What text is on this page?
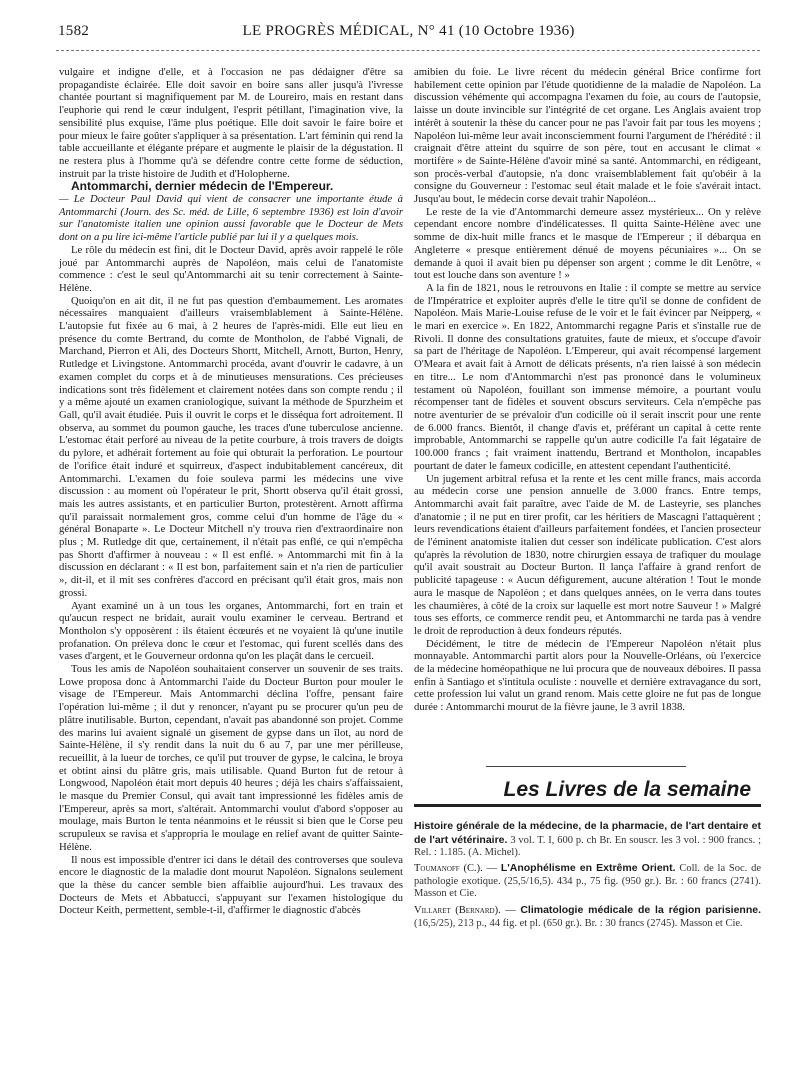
1582	LE PROGRÈS MÉDICAL, N° 41 (10 Octobre 1936)

vulgaire et indigne d'elle, et à l'occasion ne pas dédaigner d'être sa propagandiste éclairée. Elle doit savoir en boire sans aller jusqu'à l'ivresse chantée pourtant si magnifiquement par M. de Loureiro, mais en restant dans l'euphorie qui rend le cœur indulgent, l'esprit pétillant, l'imagination vive, la sensibilité plus exquise, l'âme plus poétique. Elle doit savoir le faire boire et pour mieux le faire goûter s'appliquer à sa présentation. L'art féminin qui rend la table accueillante et élégante prépare et augmente le plaisir de la dégustation. Il ne restera plus à l'homme qu'à se défendre contre cette forme de séduction, instruit par la triste histoire de Judith et d'Holopherne.

Antommarchi, dernier médecin de l'Empereur.

— Le Docteur Paul David qui vient de consacrer une importante étude à Antommarchi (Journ. des Sc. méd. de Lille, 6 septembre 1936) est loin d'avoir sur l'anatomiste italien une opinion aussi favorable que le Docteur de Mets dont on a pu lire ici-même l'article publié par lui il y a quelques mois.

Le rôle du médecin est fini, dit le Docteur David, après avoir rappelé le rôle joué par Antommarchi auprès de Napoléon, mais celui de l'anatomiste commence : c'est le seul qu'Antommarchi ait su tenir correctement à Sainte-Hélène.

Quoiqu'on en ait dit, il ne fut pas question d'embaumement. Les aromates nécessaires manquaient d'ailleurs vraisemblablement à Sainte-Hélène. L'autopsie fut fixée au 6 mai, à 2 heures de l'après-midi. Elle eut lieu en présence du comte Bertrand, du comte de Montholon, de l'abbé Vignali, de Marchand, Pierron et Ali, des Docteurs Shortt, Mitchell, Arnott, Burton, Henry, Rutledge et Livingstone. Antommarchi procéda, avant d'ouvrir le cadavre, à un examen complet du corps et à de minutieuses mensurations. Ces précieuses indications sont très fidèlement et clairement notées dans son compte rendu ; il y a même ajouté un examen craniologique, suivant la méthode de Spurzheim et Gall, qu'il avait étudiée. Puis il ouvrit le corps et le disséqua fort adroitement. Il observa, au sommet du poumon gauche, les traces d'une tuberculose ancienne. L'estomac était perforé au niveau de la petite courbure, à trois travers de doigts du pylore, et adhérait fortement au foie qui obturait la perforation. Le pourtour de l'orifice était induré et squirreux, d'aspect indubitablement cancéreux, dit Antommarchi. L'examen du foie souleva parmi les médecins une vive discussion : au moment où l'opérateur le prit, Shortt observa qu'il était grossi, mais les autres assistants, et en particulier Burton, protestèrent. Arnott affirma qu'il paraissait normalement gros, comme celui d'un homme de l'âge du « général Bonaparte ». Le Docteur Mitchell n'y trouva rien d'extraordinaire non plus ; M. Rutledge dit que, certainement, il n'était pas enflé, ce qui n'empêcha pas Shortt d'affirmer à nouveau : « Il est enflé. » Antommarchi mit fin à la discussion en déclarant : « Il est bon, parfaitement sain et n'a rien de particulier », dit-il, et il mit ses confrères d'accord en précisant qu'il était gros, mais non grossi.

Ayant examiné un à un tous les organes, Antommarchi, fort en train et qu'aucun respect ne bridait, aurait voulu examiner le cerveau. Bertrand et Montholon s'y opposèrent : ils étaient écœurés et ne voyaient là qu'une inutile profanation. On préleva donc le cœur et l'estomac, qui furent scellés dans des vases d'argent, et le Gouverneur ordonna qu'on les plaçât dans le cercueil.

Tous les amis de Napoléon souhaitaient conserver un souvenir de ses traits. Lowe proposa donc à Antommarchi l'aide du Docteur Burton pour mouler le visage de l'Empereur. Mais Antommarchi déclina l'offre, pensant faire l'opération lui-même ; il dut y renoncer, n'ayant pu se procurer qu'un peu de plâtre inutilisable. Burton, cependant, n'avait pas abandonné son projet. Comme des marins lui avaient signalé un gisement de gypse dans un îlot, au nord de Sainte-Hélène, il s'y rendit dans la nuit du 6 au 7, par une mer périlleuse, recueillit, à la lueur de torches, ce qu'il put trouver de gypse, le calcina, le broya et obtint ainsi du plâtre gris, mais utilisable. Quand Burton fut de retour à Longwood, Napoléon était mort depuis 40 heures ; déjà les chairs s'affaissaient, le masque du Premier Consul, qui avait tant impressionné les fidèles amis de l'Empereur, après sa mort, s'altérait. Antommarchi voulut d'abord s'opposer au moulage, mais Burton le tenta néanmoins et le réussit si bien que le Corse peu scrupuleux se ravisa et s'appropria le moulage en relief avant de quitter Sainte-Hélène.

Il nous est impossible d'entrer ici dans le détail des controverses que souleva encore le diagnostic de la maladie dont mourut Napoléon. Signalons seulement que la thèse du cancer semble bien affaiblie aujourd'hui. Les travaux des Docteurs de Mets et Abbatucci, s'appuyant sur l'examen histologique du Docteur Keith, permettent, semble-t-il, d'affirmer le diagnostic d'abcès

amibien du foie. Le livre récent du médecin général Brice confirme fort habilement cette opinion par l'étude quotidienne de la maladie de Napoléon. La discussion véhémente qui accompagna l'examen du foie, au cours de l'autopsie, laisse un doute invincible sur l'intégrité de cet organe. Les Anglais avaient trop intérêt à soutenir la thèse du cancer pour ne pas l'avoir fait par tous les moyens ; Napoléon lui-même leur avait inconsciemment fourni l'argument de l'hérédité : il craignait d'être atteint du squirre de son père, tout en accusant le climat « mortifère » de Sainte-Hélène d'avoir miné sa santé. Antommarchi, en rédigeant, son procès-verbal d'autopsie, n'a donc vraisemblablement fait qu'obéir à la consigne du Gouverneur : l'estomac seul était malade et le foie s'avérait intact. Jusqu'au bout, le médecin corse devait trahir Napoléon...

Le reste de la vie d'Antommarchi demeure assez mystérieux... On y relève cependant encore nombre d'indélicatesses. Il quitta Sainte-Hélène avec une somme de dix-huit mille francs et le masque de l'Empereur ; il débarqua en Angleterre « presque entièrement dénué de moyens pécuniaires »... On se demande à quoi il avait bien pu dépenser son argent ; comme le dit Lenôtre, « tout est louche dans son aventure ! »

A la fin de 1821, nous le retrouvons en Italie : il compte se mettre au service de l'Impératrice et exploiter auprès d'elle le titre qu'il se donne de confident de Napoléon. Mais Marie-Louise refuse de le voir et le fait évincer par Neipperg, « le mari en exercice ». En 1822, Antommarchi regagne Paris et s'installe rue de Rivoli. Il donne des consultations gratuites, faute de mieux, et s'occupe d'avoir sa part de l'héritage de Napoléon. L'Empereur, qui avait récompensé largement O'Meara et avait fait à Arnott de délicats présents, n'a rien laissé à son médecin en titre... Le nom d'Antommarchi n'est pas prononcé dans le volumineux testament où Napoléon, fouillant son immense mémoire, a pourtant voulu récompenser tant de fidèles et souvent obscurs serviteurs. Cela n'empêche pas notre aventurier de se prévaloir d'un codicille où il serait inscrit pour une rente de 6.000 francs. Bientôt, il change d'avis et, préférant un capital à cette rente improbable, Antommarchi se rappelle qu'un autre codicille l'a fait légataire de 100.000 francs ; fait vraiment inattendu, Bertrand et Montholon, incapables pourtant de dater le fameux codicille, en attestent cependant l'authenticité.

Un jugement arbitral refusa et la rente et les cent mille francs, mais accorda au médecin corse une pension annuelle de 3.000 francs. Entre temps, Antommarchi avait fait paraître, avec l'aide de M. de Lasteyrie, ses planches d'anatomie ; il ne put en tirer profit, car les héritiers de Mascagni l'attaquèrent ; leurs revendications étaient d'ailleurs parfaitement fondées, et l'ancien prosecteur de l'éminent anatomiste italien dut cesser son indélicate publication. C'est alors qu'après la révolution de 1830, notre chirurgien essaya de trafiquer du moulage qu'il avait soustrait au Docteur Burton. Il lança l'affaire à grand renfort de publicité tapageuse : « Aucun défigurement, aucune altération ! Tout le monde aura le masque de Napoléon ; et dans quelques années, on le verra dans toutes les chaumières, à côté de la croix sur laquelle est mort notre Sauveur ! » Malgré tous ses efforts, ce commerce rendit peu, et Antommarchi ne tarda pas à vendre le droit de reproduction à deux fondeurs réputés.

Décidément, le titre de médecin de l'Empereur Napoléon n'était plus monnayable. Antommarchi partit alors pour la Nouvelle-Orléans, où l'exercice de la médecine homéopathique ne lui procura que de nouveaux déboires. Il passa enfin à Santiago et s'intitula oculiste : nouvelle et dernière extravagance du sort, cette profession lui valut un grand renom. Mais cette gloire ne fut pas de longue durée : Antommarchi mourut de la fièvre jaune, le 3 avril 1838.

Les Livres de la semaine
Histoire générale de la médecine, de la pharmacie, de l'art dentaire et de l'art vétérinaire. 3 vol. T. I, 600 p. ch Br. En souscr. les 3 vol. : 900 francs. ; Rel. : 1.185. (A. Michel).
Toumanoff (C.). — L'Anophélisme en Extrême Orient. Coll. de la Soc. de pathologie exotique. (25,5/16,5). 434 p., 75 fig. (950 gr.). Br. : 60 francs (2741). Masson et Cie.
Villaret (Bernard). — Climatologie médicale de la région parisienne. (16,5/25), 213 p., 44 fig. et pl. (650 gr.). Br. : 30 francs (2745). Masson et Cie.
